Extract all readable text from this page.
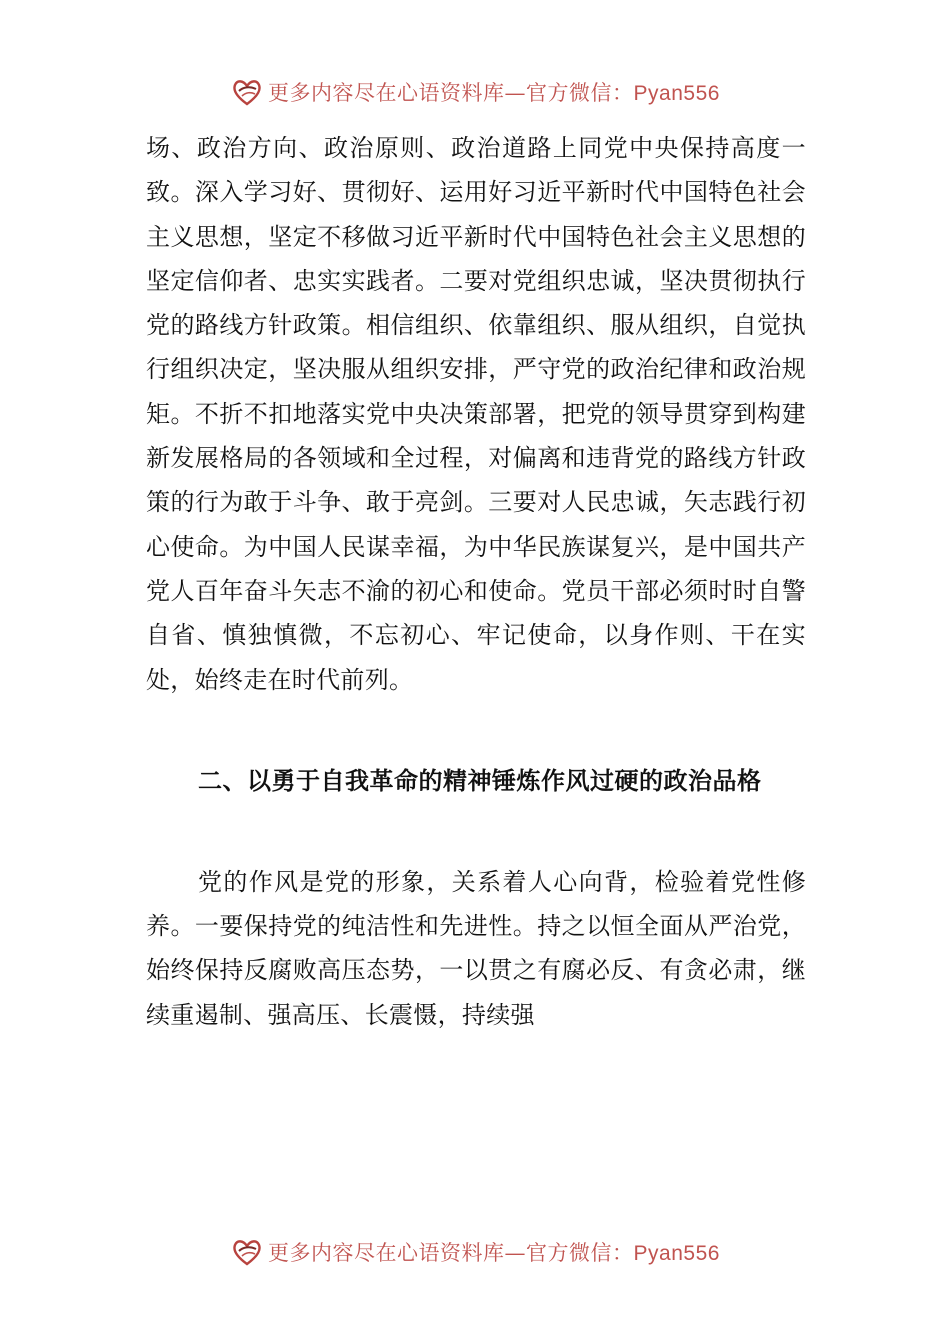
更多内容尽在心语资料库—官方微信：Pyan556

场、政治方向、政治原则、政治道路上同党中央保持高度一致。深入学习好、贯彻好、运用好习近平新时代中国特色社会主义思想，坚定不移做习近平新时代中国特色社会主义思想的坚定信仰者、忠实实践者。二要对党组织忠诚，坚决贯彻执行党的路线方针政策。相信组织、依靠组织、服从组织，自觉执行组织决定，坚决服从组织安排，严守党的政治纪律和政治规矩。不折不扣地落实党中央决策部署，把党的领导贯穿到构建新发展格局的各领域和全过程，对偏离和违背党的路线方针政策的行为敢于斗争、敢于亮剑。三要对人民忠诚，矢志践行初心使命。为中国人民谋幸福，为中华民族谋复兴，是中国共产党人百年奋斗矢志不渝的初心和使命。党员干部必须时时自警自省、慎独慎微，不忘初心、牢记使命，以身作则、干在实处，始终走在时代前列。

二、以勇于自我革命的精神锤炼作风过硬的政治品格

党的作风是党的形象，关系着人心向背，检验着党性修养。一要保持党的纯洁性和先进性。持之以恒全面从严治党，始终保持反腐败高压态势，一以贯之有腐必反、有贪必肃，继续重遏制、强高压、长震慑，持续强

更多内容尽在心语资料库—官方微信：Pyan556
